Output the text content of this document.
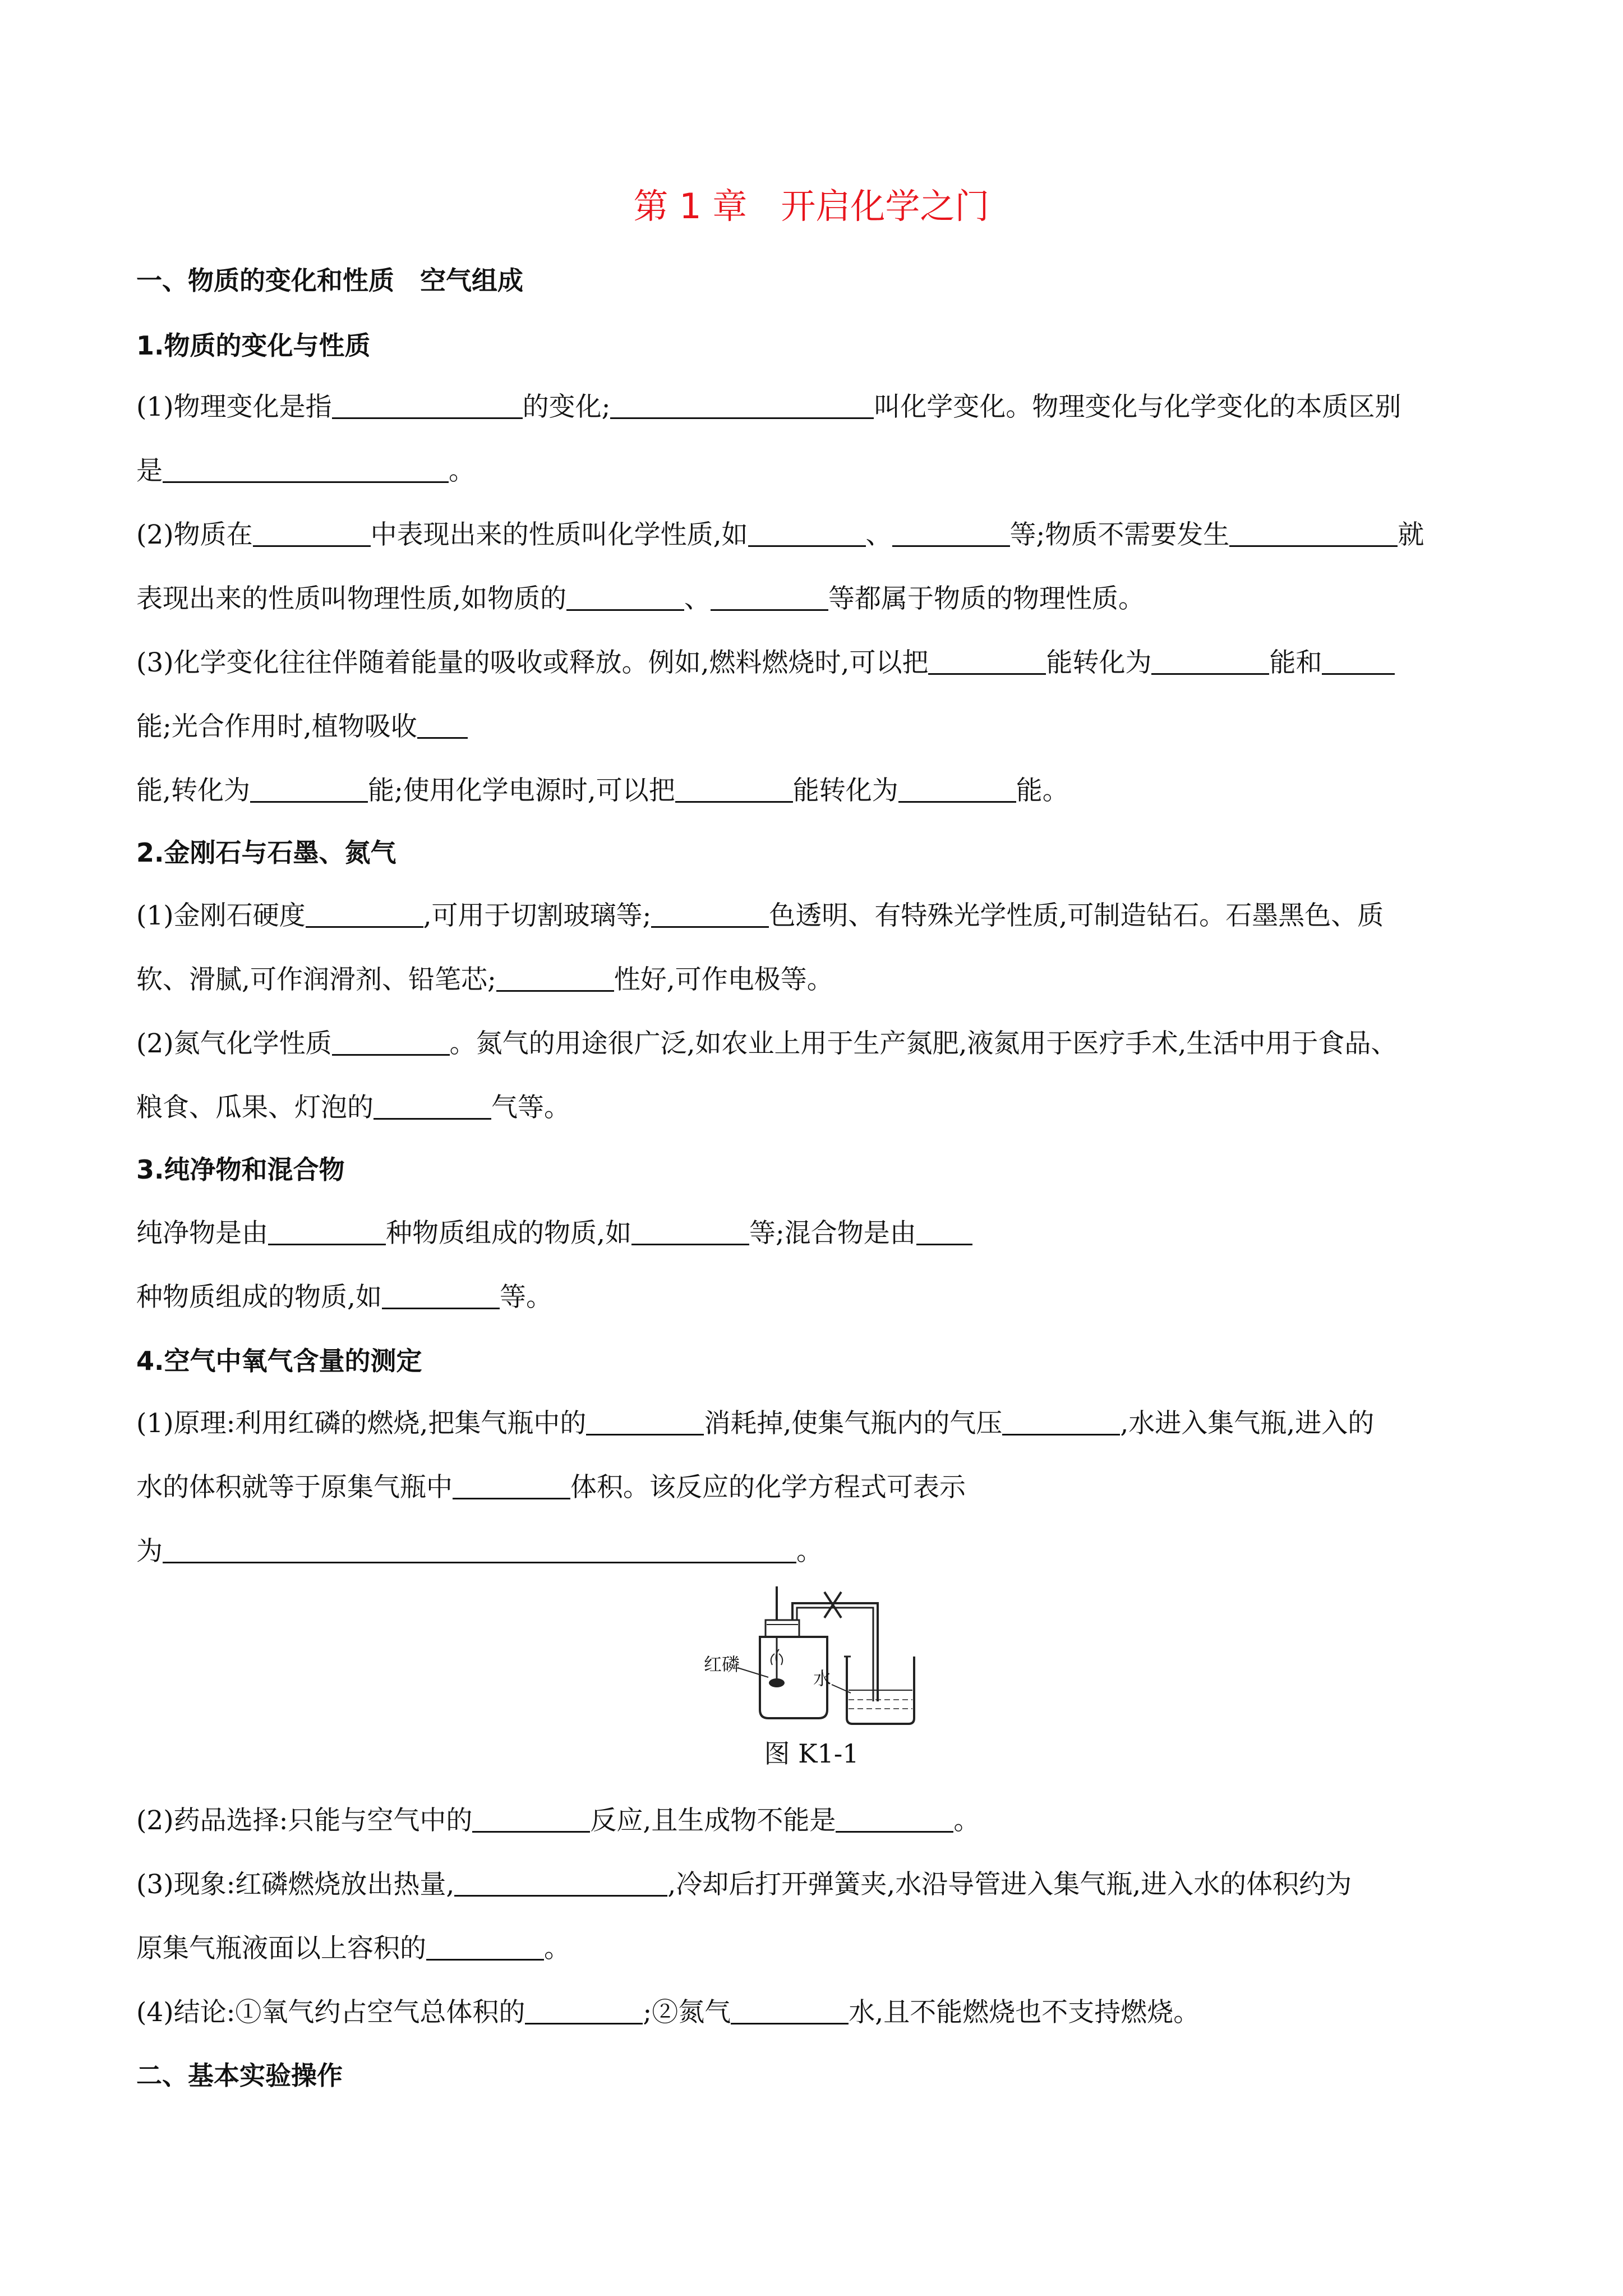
第 1 章 开启化学之门
一、物质的变化和性质　空气组成
1.物质的变化与性质
(1)物理变化是指	的变化;	叫化学变化。物理变化与化学变化的本质区别
是	。
(2)物质在	中表现出来的性质叫化学性质,如	、	等;物质不需要发生	就
表现出来的性质叫物理性质,如物质的	、	等都属于物质的物理性质。
(3)化学变化往往伴随着能量的吸收或释放。例如,燃料燃烧时,可以把	能转化为	能和
能;光合作用时,植物吸收
能,转化为	能;使用化学电源时,可以把	能转化为	能。
2.金刚石与石墨、氮气
(1)金刚石硬度	,可用于切割玻璃等;	色透明、有特殊光学性质,可制造钻石。石墨黑色、质
软、滑腻,可作润滑剂、铅笔芯;	性好,可作电极等。
(2)氮气化学性质	。氮气的用途很广泛,如农业上用于生产氮肥,液氮用于医疗手术,生活中用于食品、
粮食、瓜果、灯泡的	气等。
3.纯净物和混合物
纯净物是由	种物质组成的物质,如	等;混合物是由
种物质组成的物质,如	等。
4.空气中氧气含量的测定
(1)原理:利用红磷的燃烧,把集气瓶中的	消耗掉,使集气瓶内的气压	,水进入集气瓶,进入的
水的体积就等于原集气瓶中	体积。该反应的化学方程式可表示
为	。
红磷
水
图 K1-1
(2)药品选择:只能与空气中的	反应,且生成物不能是	。
(3)现象:红磷燃烧放出热量,	,冷却后打开弹簧夹,水沿导管进入集气瓶,进入水的体积约为
原集气瓶液面以上容积的	。
(4)结论:①氧气约占空气总体积的	;②氮气	水,且不能燃烧也不支持燃烧。
二、基本实验操作
